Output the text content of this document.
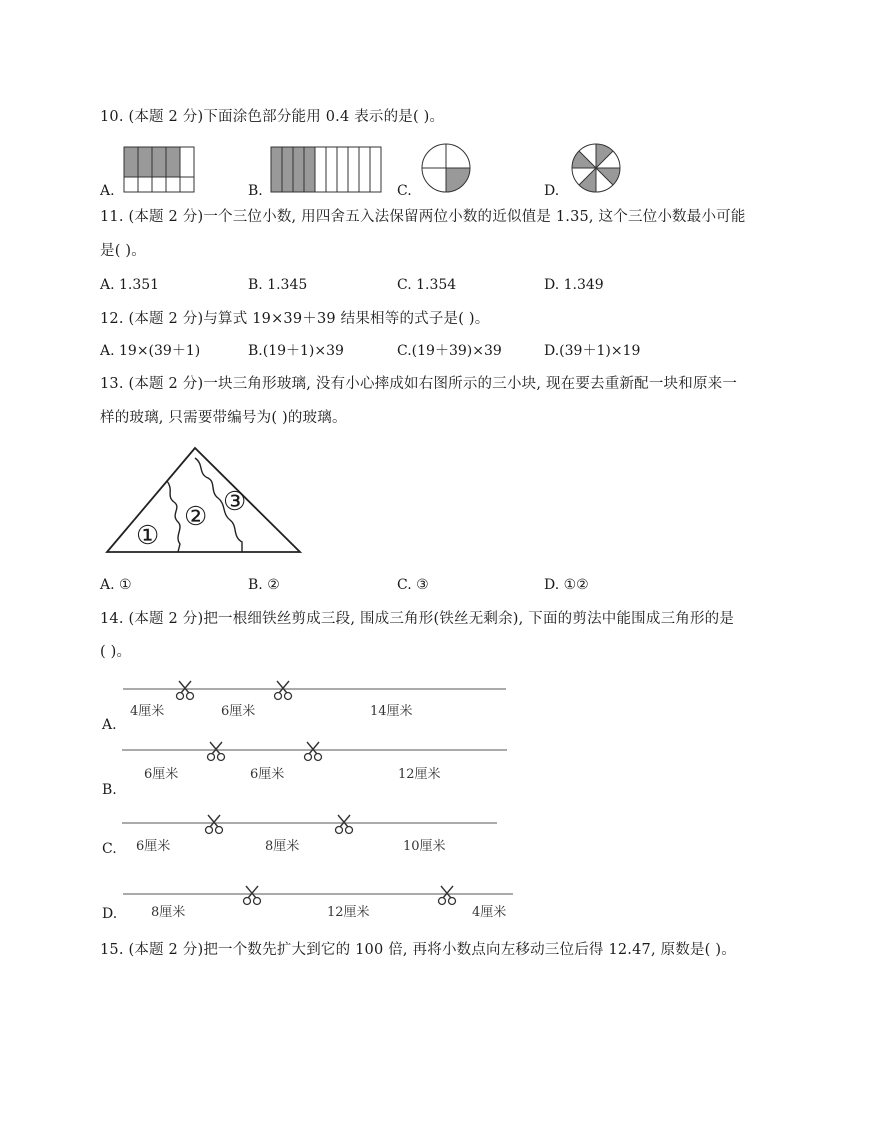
10. (本题 2 分)下面涂色部分能用 0.4 表示的是( )。
A.	B.	C.	D.
11. (本题 2 分)一个三位小数, 用四舍五入法保留两位小数的近似值是 1.35, 这个三位小数最小可能
是( )。
A. 1.351	B. 1.345	C. 1.354	D. 1.349
12. (本题 2 分)与算式 19×39＋39 结果相等的式子是( )。
A. 19×(39＋1)	B.(19＋1)×39	C.(19＋39)×39	D.(39＋1)×19
13. (本题 2 分)一块三角形玻璃, 没有小心摔成如右图所示的三小块, 现在要去重新配一块和原来一
样的玻璃, 只需要带编号为( )的玻璃。
①
② ③
A. ①	B. ②	C. ③	D. ①②
14. (本题 2 分)把一根细铁丝剪成三段, 围成三角形(铁丝无剩余), 下面的剪法中能围成三角形的是
( )。
4厘米	6厘米	14厘米
A.
6厘米	6厘米	12厘米
B.
C. 6厘米	8厘米	10厘米
D.	8厘米	12厘米	4厘米
15. (本题 2 分)把一个数先扩大到它的 100 倍, 再将小数点向左移动三位后得 12.47, 原数是( )。
